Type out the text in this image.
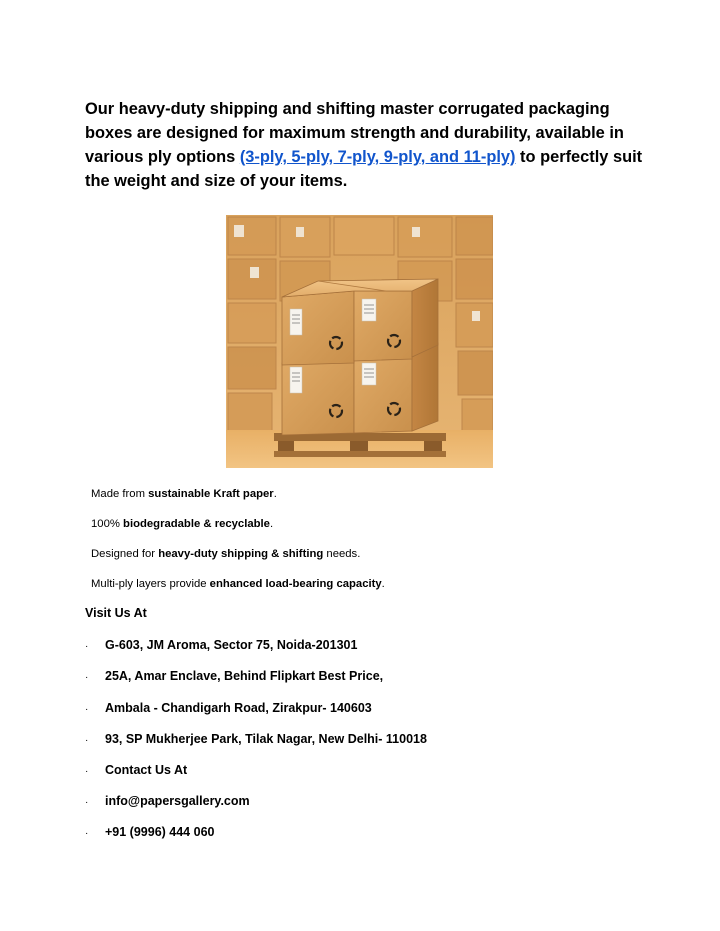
Our heavy-duty shipping and shifting master corrugated packaging boxes are designed for maximum strength and durability, available in various ply options (3-ply, 5-ply, 7-ply, 9-ply, and 11-ply) to perfectly suit the weight and size of your items.

Made from sustainable Kraft paper.

100% biodegradable & recyclable.

Designed for heavy-duty shipping & shifting needs.

Multi-ply layers provide enhanced load-bearing capacity.

Visit Us At

· G-603, JM Aroma, Sector 75, Noida-201301
· 25A, Amar Enclave, Behind Flipkart Best Price,
· Ambala - Chandigarh Road, Zirakpur- 140603
· 93, SP Mukherjee Park, Tilak Nagar, New Delhi- 110018
· Contact Us At
· info@papersgallery.com
· +91 (9996) 444 060
